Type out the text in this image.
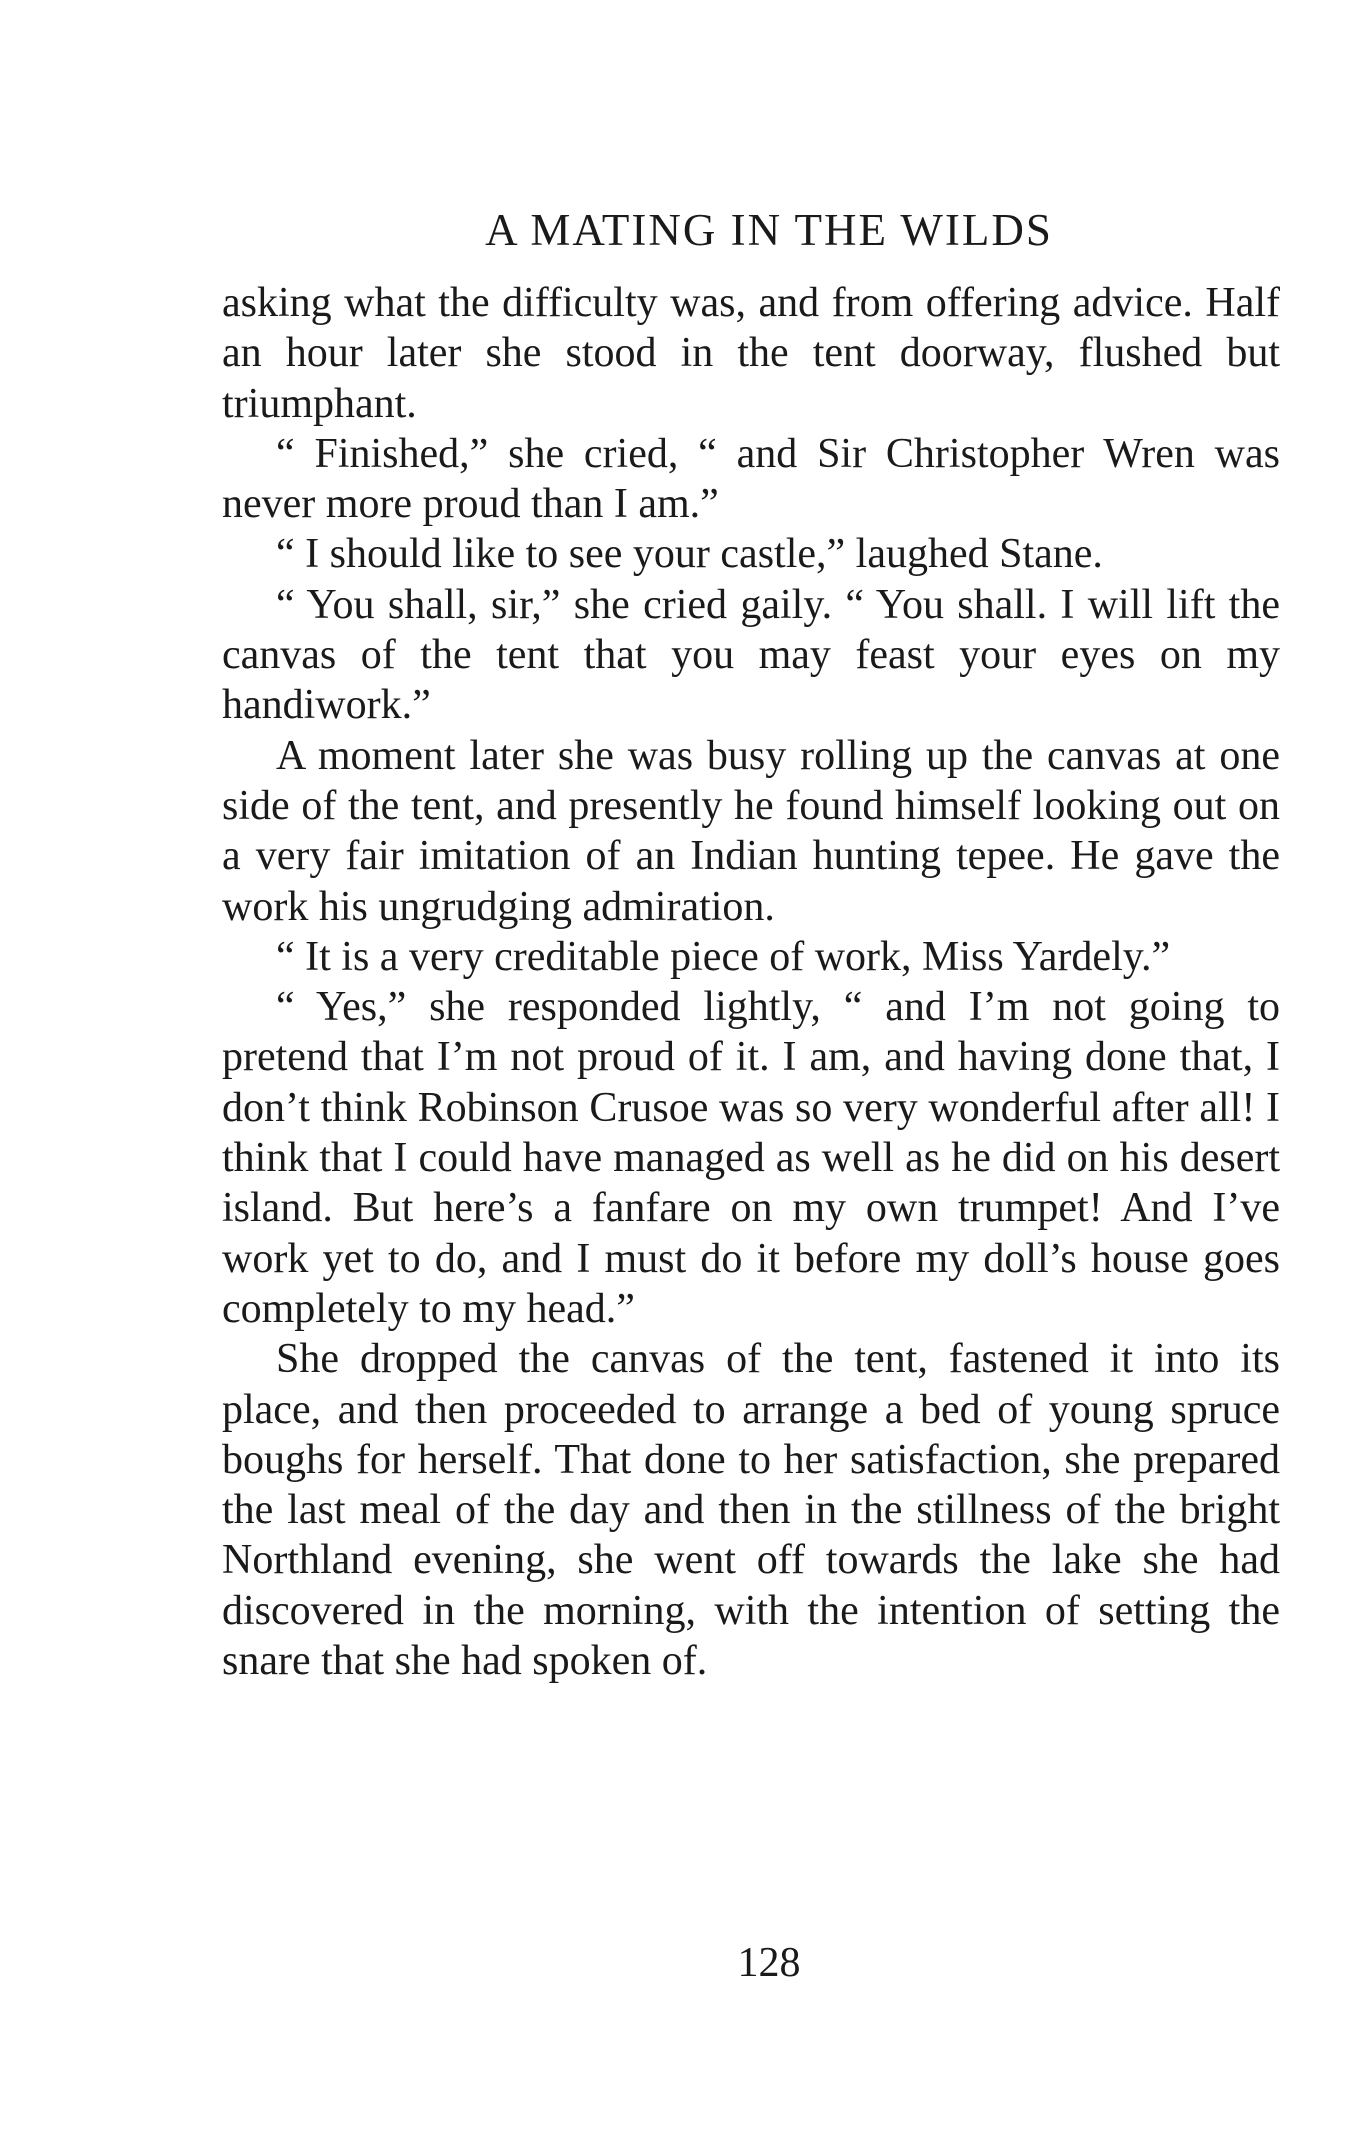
A MATING IN THE WILDS

asking what the difficulty was, and from offering advice. Half an hour later she stood in the tent doorway, flushed but triumphant.

“ Finished,” she cried, “ and Sir Christopher Wren was never more proud than I am.”

“ I should like to see your castle,” laughed Stane.

“ You shall, sir,” she cried gaily. “ You shall. I will lift the canvas of the tent that you may feast your eyes on my handiwork.”

A moment later she was busy rolling up the canvas at one side of the tent, and presently he found himself looking out on a very fair imitation of an Indian hunting tepee. He gave the work his ungrudging admiration.

“ It is a very creditable piece of work, Miss Yardely.”

“ Yes,” she responded lightly, “ and I’m not going to pretend that I’m not proud of it. I am, and having done that, I don’t think Robinson Crusoe was so very wonderful after all! I think that I could have managed as well as he did on his desert island. But here’s a fanfare on my own trumpet! And I’ve work yet to do, and I must do it before my doll’s house goes completely to my head.”

She dropped the canvas of the tent, fastened it into its place, and then proceeded to arrange a bed of young spruce boughs for herself. That done to her satisfaction, she prepared the last meal of the day and then in the stillness of the bright Northland evening, she went off towards the lake she had discovered in the morning, with the intention of setting the snare that she had spoken of.

128
